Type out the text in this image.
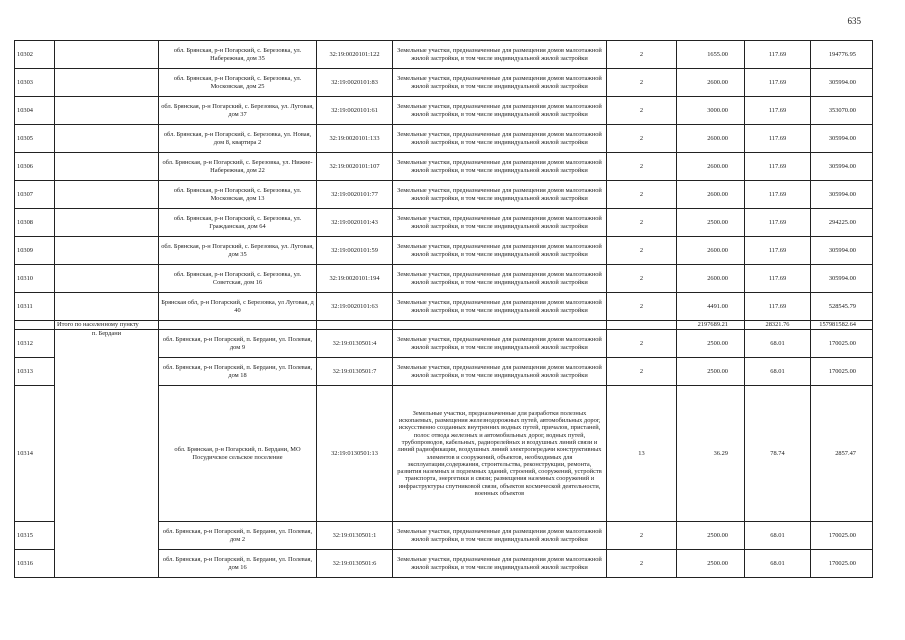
635
10302		обл. Брянская, р-н Погарский, с. Березовка, ул. Набережная, дом 35	32:19:0020101:122	Земельные участки, предназначенные для размещения домов малоэтажной жилой застройки, в том числе индивидуальной жилой застройки	2	1655.00	117.69	194776.95
10303		обл. Брянская, р-н Погарский, с. Березовка, ул. Московская, дом 25	32:19:0020101:83	Земельные участки, предназначенные для размещения домов малоэтажной жилой застройки, в том числе индивидуальной жилой застройки	2	2600.00	117.69	305994.00
10304		обл. Брянская, р-н Погарский, с. Березовка, ул. Луговая, дом 37	32:19:0020101:61	Земельные участки, предназначенные для размещения домов малоэтажной жилой застройки, в том числе индивидуальной жилой застройки	2	3000.00	117.69	353070.00
10305		обл. Брянская, р-н Погарский, с. Березовка, ул. Новая, дом 8, квартира 2	32:19:0020101:133	Земельные участки, предназначенные для размещения домов малоэтажной жилой застройки, в том числе индивидуальной жилой застройки	2	2600.00	117.69	305994.00
10306		обл. Брянская, р-н Погарский, с. Березовка, ул. Нижне-Набережная, дом 22	32:19:0020101:107	Земельные участки, предназначенные для размещения домов малоэтажной жилой застройки, в том числе индивидуальной жилой застройки	2	2600.00	117.69	305994.00
10307		обл. Брянская, р-н Погарский, с. Березовка, ул. Московская, дом 13	32:19:0020101:77	Земельные участки, предназначенные для размещения домов малоэтажной жилой застройки, в том числе индивидуальной жилой застройки	2	2600.00	117.69	305994.00
10308		обл. Брянская, р-н Погарский, с. Березовка, ул. Гражданская, дом 64	32:19:0020101:43	Земельные участки, предназначенные для размещения домов малоэтажной жилой застройки, в том числе индивидуальной жилой застройки	2	2500.00	117.69	294225.00
10309		обл. Брянская, р-н Погарский, с. Березовка, ул. Луговая, дом 35	32:19:0020101:59	Земельные участки, предназначенные для размещения домов малоэтажной жилой застройки, в том числе индивидуальной жилой застройки	2	2600.00	117.69	305994.00
10310		обл. Брянская, р-н Погарский, с. Березовка, ул. Советская, дом 16	32:19:0020101:194	Земельные участки, предназначенные для размещения домов малоэтажной жилой застройки, в том числе индивидуальной жилой застройки	2	2600.00	117.69	305994.00
10311		Брянская обл, р-н Погарский, с Березовка, ул Луговая, д 40	32:19:0020101:63	Земельные участки, предназначенные для размещения домов малоэтажной жилой застройки, в том числе индивидуальной жилой застройки	2	4491.00	117.69	528545.79
	Итого по населенному пункту					2197689.21	28321.76	157981582.64
10312	п. Бердани	обл. Брянская, р-н Погарский, п. Бердани, ул. Полевая, дом 9	32:19:0130501:4	Земельные участки, предназначенные для размещения домов малоэтажной жилой застройки, в том числе индивидуальной жилой застройки	2	2500.00	68.01	170025.00
10313		обл. Брянская, р-н Погарский, п. Бердани, ул. Полевая, дом 18	32:19:0130501:7	Земельные участки, предназначенные для размещения домов малоэтажной жилой застройки, в том числе индивидуальной жилой застройки	2	2500.00	68.01	170025.00
10314		обл. Брянская, р-н Погарский, п. Бердани, МО Посудичское сельское поселение	32:19:0130501:13	Земельные участки, предназначенные для разработки полезных ископаемых, размещения железнодорожных путей, автомобильных дорог, искусственно созданных внутренних водных путей, причалов, пристаней, полос отвода железных и автомобильных дорог, водных путей, трубопроводов, кабельных, радиорелейных и воздушных линий связи и линий радиофикации, воздушных линий электропередачи конструктивных элементов и сооружений, объектов, необходимых для эксплуатации,содержания, строительства, реконструкции, ремонта, развития наземных и подземных зданий, строений, сооружений, устройств транспорта, энергетики и связи; размещения наземных сооружений и инфраструктуры спутниковой связи, объектов космической деятельности, военных объектов	13	36.29	78.74	2857.47
10315		обл. Брянская, р-н Погарский, п. Бердани, ул. Полевая, дом 2	32:19:0130501:1	Земельные участки, предназначенные для размещения домов малоэтажной жилой застройки, в том числе индивидуальной жилой застройки	2	2500.00	68.01	170025.00
10316		обл. Брянская, р-н Погарский, п. Бердани, ул. Полевая, дом 16	32:19:0130501:6	Земельные участки, предназначенные для размещения домов малоэтажной жилой застройки, в том числе индивидуальной жилой застройки	2	2500.00	68.01	170025.00
